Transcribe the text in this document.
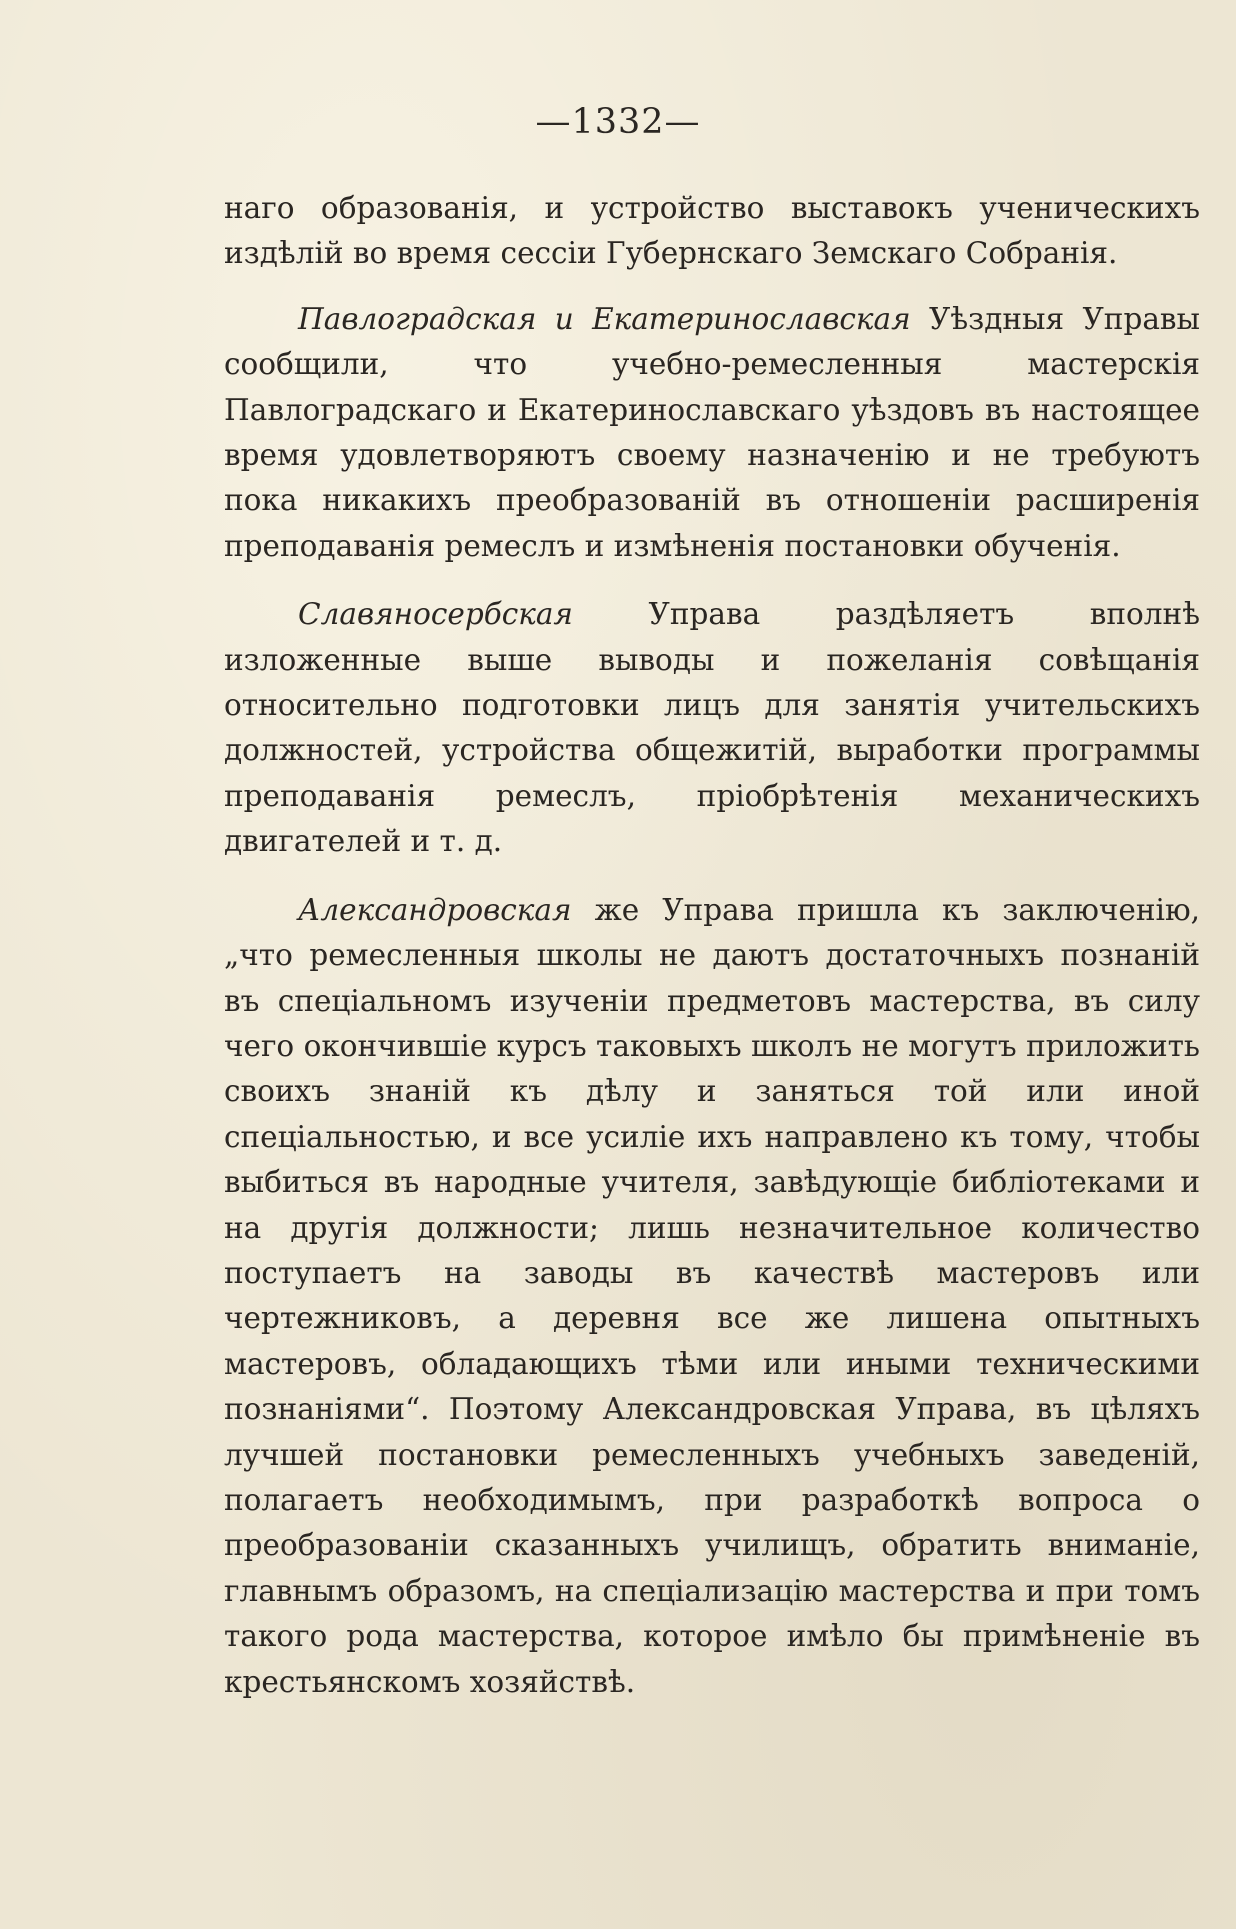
—1332—

наго образованія, и устройство выставокъ ученическихъ издѣлій во время сессіи Губернскаго Земскаго Собранія.

Павлоградская и Екатеринославская Уѣздныя Управы сообщили, что учебно-ремесленныя мастерскія Павлоградскаго и Екатеринославскаго уѣздовъ въ настоящее время удовлетворяютъ своему назначенію и не требуютъ пока никакихъ преобразованій въ отношеніи расширенія преподаванія ремеслъ и измѣненія постановки обученія.

Славяносербская Управа раздѣляетъ вполнѣ изложенные выше выводы и пожеланія совѣщанія относительно подготовки лицъ для занятія учительскихъ должностей, устройства общежитій, выработки программы преподаванія ремеслъ, пріобрѣтенія механическихъ двигателей и т. д.

Александровская же Управа пришла къ заключенію, „что ремесленныя школы не даютъ достаточныхъ познаній въ спеціальномъ изученіи предметовъ мастерства, въ силу чего окончившіе курсъ таковыхъ школъ не могутъ приложить своихъ знаній къ дѣлу и заняться той или иной спеціальностью, и все усиліе ихъ направлено къ тому, чтобы выбиться въ народные учителя, завѣдующіе библіотеками и на другія должности; лишь незначительное количество поступаетъ на заводы въ качествѣ мастеровъ или чертежниковъ, а деревня все же лишена опытныхъ мастеровъ, обладающихъ тѣми или иными техническими познаніями“. Поэтому Александровская Управа, въ цѣляхъ лучшей постановки ремесленныхъ учебныхъ заведеній, полагаетъ необходимымъ, при разработкѣ вопроса о преобразованіи сказанныхъ училищъ, обратить вниманіе, главнымъ образомъ, на спеціализацію мастерства и при томъ такого рода мастерства, которое имѣло бы примѣненіе въ крестьянскомъ хозяйствѣ.
